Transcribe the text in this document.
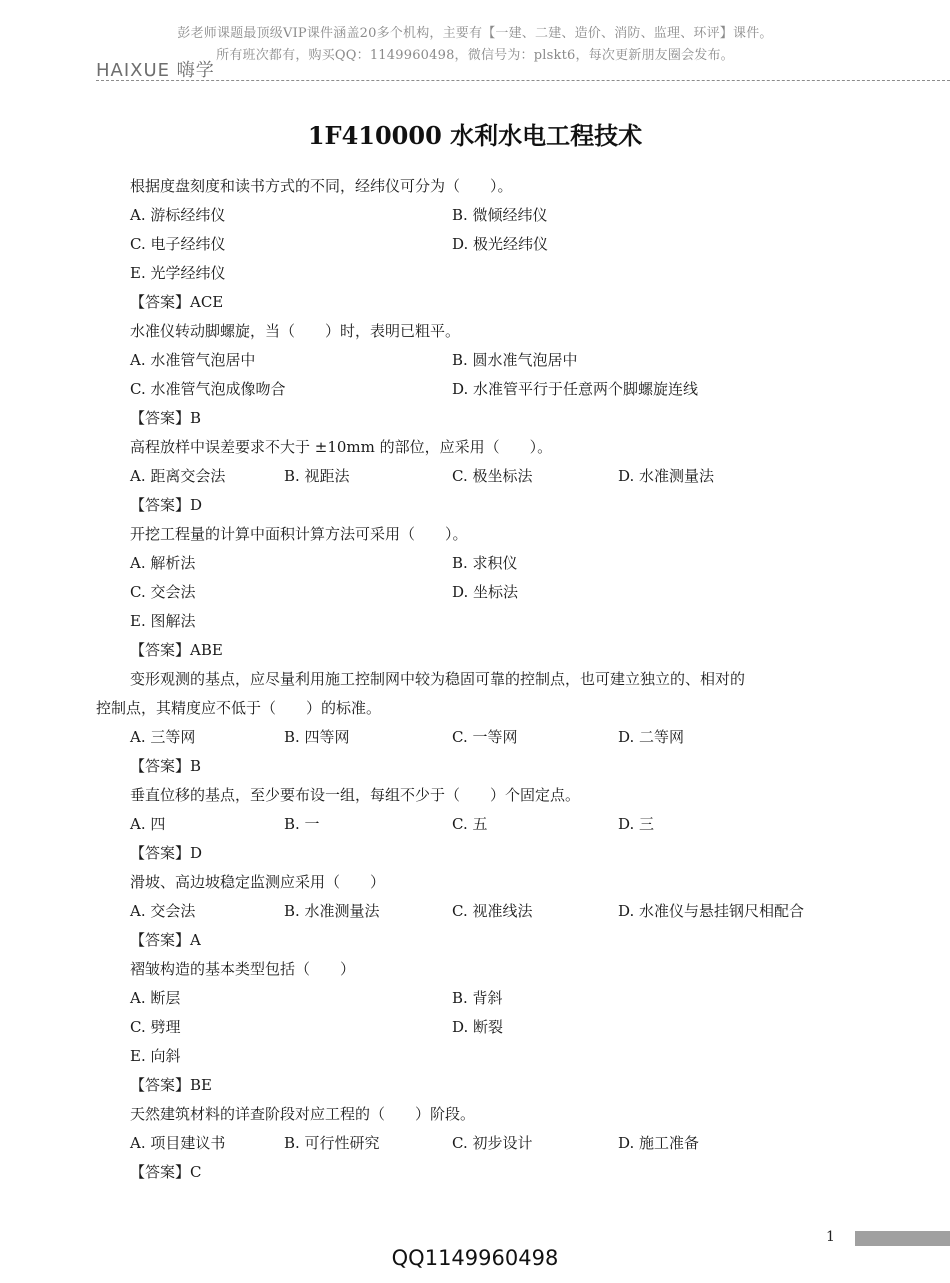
彭老师课题最顶级VIP课件涵盖20多个机构，主要有【一建、二建、造价、消防、监理、环评】课件。
所有班次都有，购买QQ：1149960498，微信号为：plskt6，每次更新朋友圈会发布。
HAIXUE 嗨学
1F410000 水利水电工程技术
根据度盘刻度和读书方式的不同，经纬仪可分为（　　）。
A. 游标经纬仪	B. 微倾经纬仪
C. 电子经纬仪	D. 极光经纬仪
E. 光学经纬仪
【答案】ACE
水准仪转动脚螺旋，当（　　）时，表明已粗平。
A. 水准管气泡居中	B. 圆水准气泡居中
C. 水准管气泡成像吻合	D. 水准管平行于任意两个脚螺旋连线
【答案】B
高程放样中误差要求不大于 ±10mm 的部位，应采用（　　）。
A. 距离交会法	B. 视距法	C. 极坐标法	D. 水准测量法
【答案】D
开挖工程量的计算中面积计算方法可采用（　　）。
A. 解析法	B. 求积仪
C. 交会法	D. 坐标法
E. 图解法
【答案】ABE
变形观测的基点，应尽量利用施工控制网中较为稳固可靠的控制点，也可建立独立的、相对的
控制点，其精度应不低于（　　）的标准。
A. 三等网	B. 四等网	C. 一等网	D. 二等网
【答案】B
垂直位移的基点，至少要布设一组，每组不少于（　　）个固定点。
A. 四	B. 一	C. 五	D. 三
【答案】D
滑坡、高边坡稳定监测应采用（　　）
A. 交会法	B. 水准测量法	C. 视准线法	D. 水准仪与悬挂钢尺相配合
【答案】A
褶皱构造的基本类型包括（　　）
A. 断层	B. 背斜
C. 劈理	D. 断裂
E. 向斜
【答案】BE
天然建筑材料的详查阶段对应工程的（　　）阶段。
A. 项目建议书	B. 可行性研究	C. 初步设计	D. 施工准备
【答案】C
1
QQ1149960498
